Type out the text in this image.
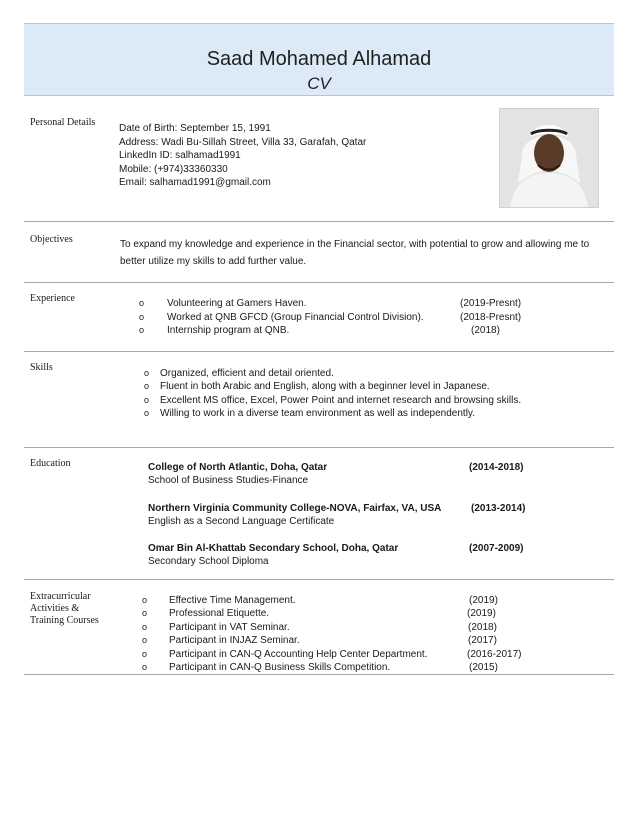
Saad Mohamed Alhamad
CV
Personal Details
Date of Birth: September 15, 1991
Address: Wadi Bu-Sillah Street, Villa 33, Garafah, Qatar
LinkedIn ID: salhamad1991
Mobile: (+974)33360330
Email: salhamad1991@gmail.com
Objectives	To expand my knowledge and experience in the Financial sector, with potential to grow and allowing me to
better utilize my skills to add further value.
Experience	o Volunteering at Gamers Haven.	(2019-Presnt)
o Worked at QNB GFCD (Group Financial Control Division).	(2018-Presnt)
o Internship program at QNB.	(2018)
Skills	o Organized, efficient and detail oriented.
o Fluent in both Arabic and English, along with a beginner level in Japanese.
o Excellent MS office, Excel, Power Point and internet research and browsing skills.
o Willing to work in a diverse team environment as well as independently.
Education	College of North Atlantic, Doha, Qatar	(2014-2018)
School of Business Studies-Finance
Northern Virginia Community College-NOVA, Fairfax, VA, USA	(2013-2014)
English as a Second Language Certificate
Omar Bin Al-Khattab Secondary School, Doha, Qatar	(2007-2009)
Secondary School Diploma
Extracurricular
Activities &
Training Courses
o Effective Time Management.	(2019)
o Professional Etiquette.	(2019)
o Participant in VAT Seminar.	(2018)
o Participant in INJAZ Seminar.	(2017)
o Participant in CAN-Q Accounting Help Center Department.	(2016-2017)
o Participant in CAN-Q Business Skills Competition.	(2015)
